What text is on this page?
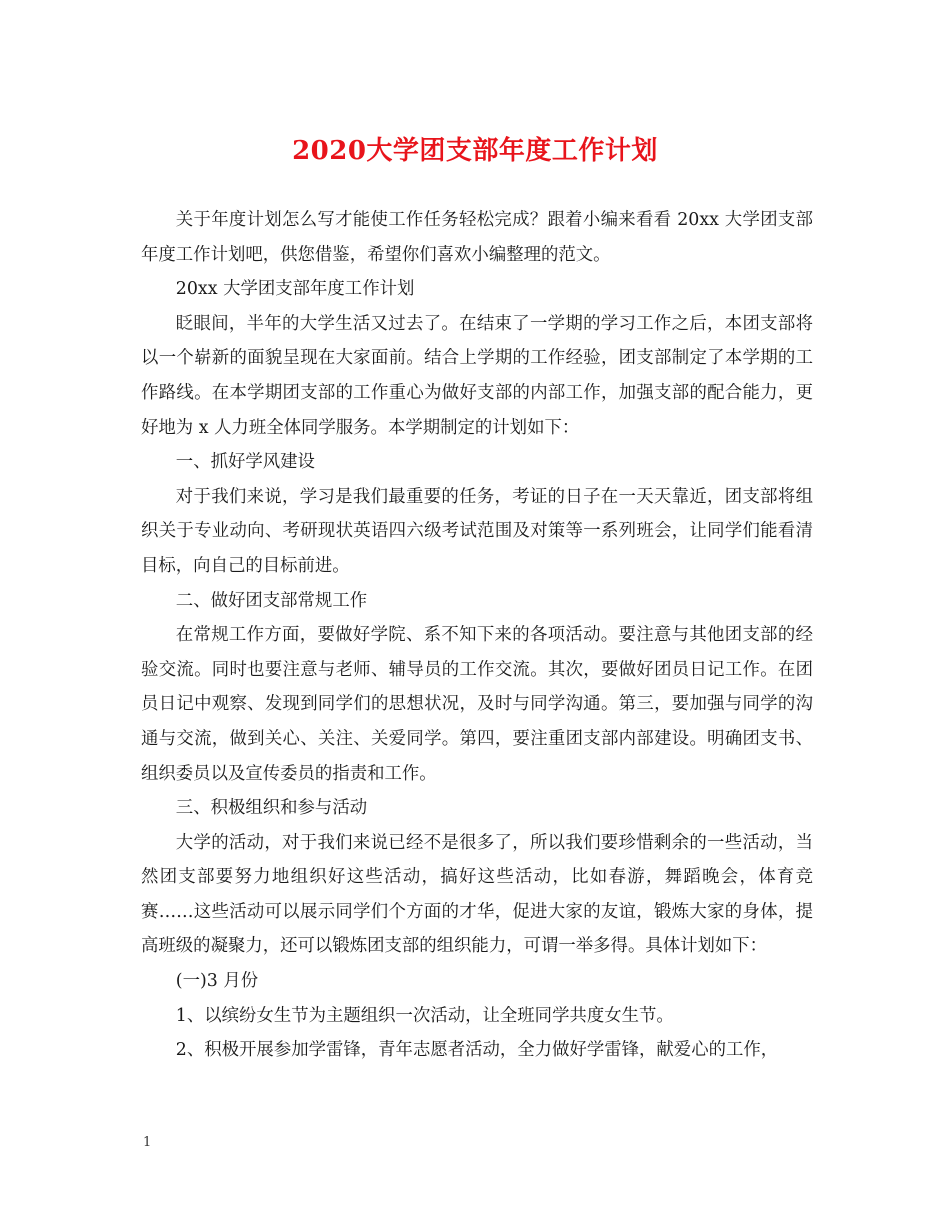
2020大学团支部年度工作计划

关于年度计划怎么写才能使工作任务轻松完成？跟着小编来看看 20xx 大学团支部年度工作计划吧，供您借鉴，希望你们喜欢小编整理的范文。

20xx 大学团支部年度工作计划

眨眼间，半年的大学生活又过去了。在结束了一学期的学习工作之后，本团支部将以一个崭新的面貌呈现在大家面前。结合上学期的工作经验，团支部制定了本学期的工作路线。在本学期团支部的工作重心为做好支部的内部工作，加强支部的配合能力，更好地为 x 人力班全体同学服务。本学期制定的计划如下：

一、抓好学风建设

对于我们来说，学习是我们最重要的任务，考证的日子在一天天靠近，团支部将组织关于专业动向、考研现状英语四六级考试范围及对策等一系列班会，让同学们能看清目标，向自己的目标前进。

二、做好团支部常规工作

在常规工作方面，要做好学院、系不知下来的各项活动。要注意与其他团支部的经验交流。同时也要注意与老师、辅导员的工作交流。其次，要做好团员日记工作。在团员日记中观察、发现到同学们的思想状况，及时与同学沟通。第三，要加强与同学的沟通与交流，做到关心、关注、关爱同学。第四，要注重团支部内部建设。明确团支书、组织委员以及宣传委员的指责和工作。

三、积极组织和参与活动

大学的活动，对于我们来说已经不是很多了，所以我们要珍惜剩余的一些活动，当然团支部要努力地组织好这些活动，搞好这些活动，比如春游，舞蹈晚会，体育竞赛……这些活动可以展示同学们个方面的才华，促进大家的友谊，锻炼大家的身体，提高班级的凝聚力，还可以锻炼团支部的组织能力，可谓一举多得。具体计划如下：

(一)3 月份

1、以缤纷女生节为主题组织一次活动，让全班同学共度女生节。

2、积极开展参加学雷锋，青年志愿者活动，全力做好学雷锋，献爱心的工作，

1
